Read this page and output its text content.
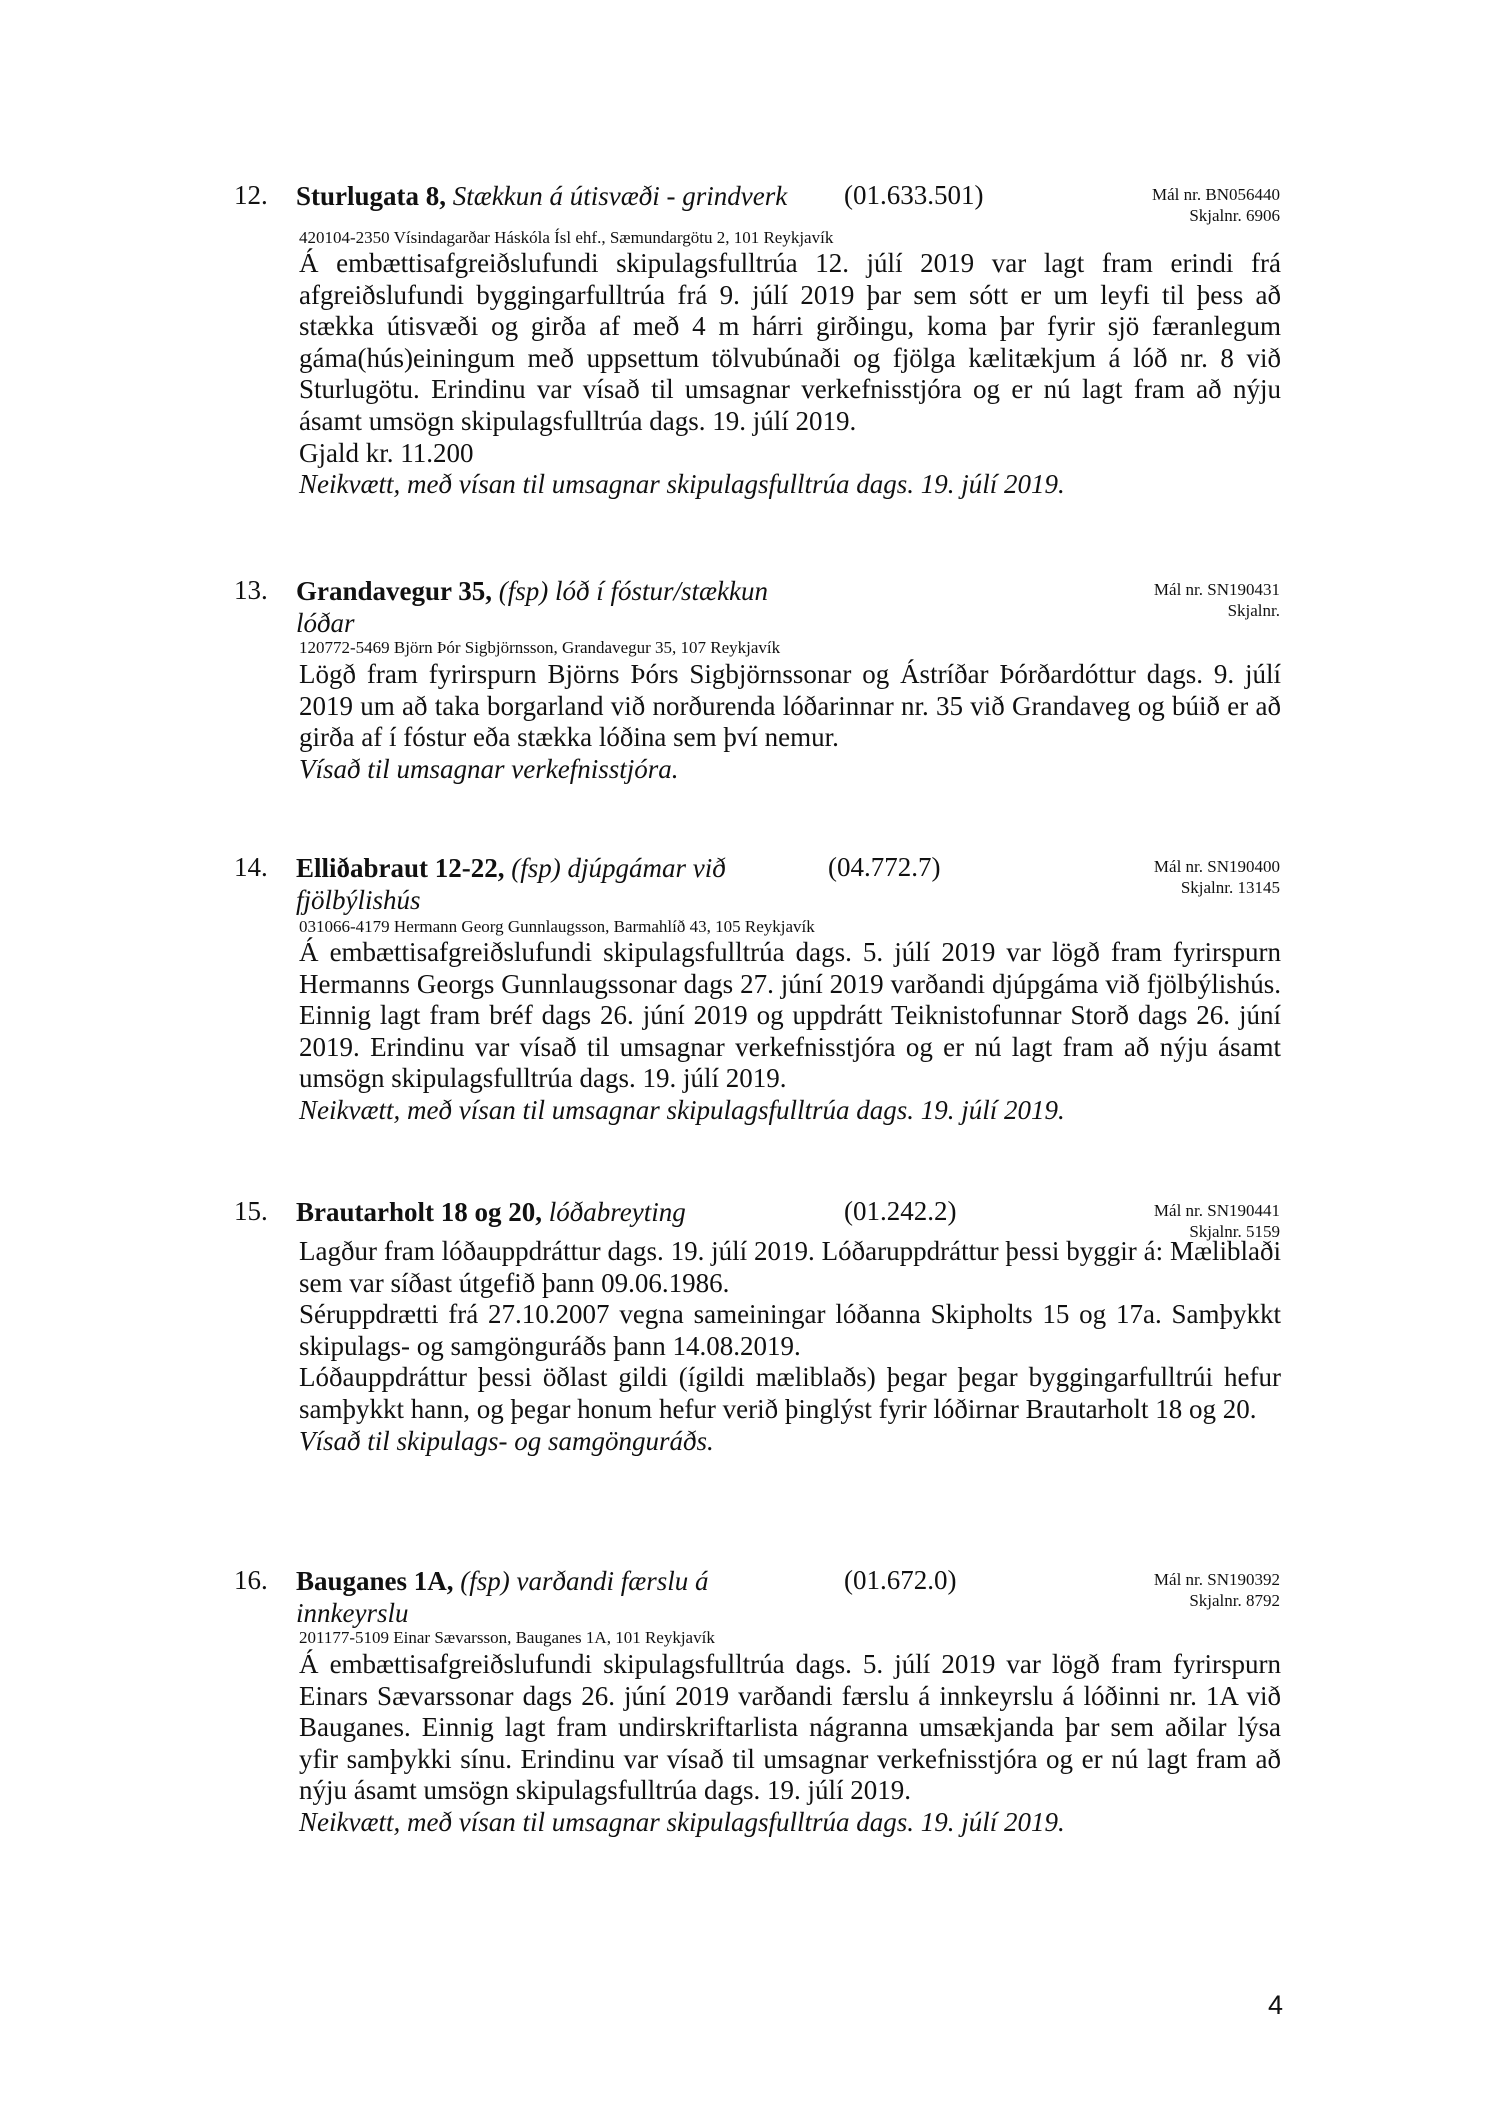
12. Sturlugata 8, Stækkun á útisvæði - grindverk (01.633.501)	Mál nr. BN056440
Skjalnr. 6906
420104-2350 Vísindagarðar Háskóla Ísl ehf., Sæmundargötu 2, 101 Reykjavík

Á embættisafgreiðslufundi skipulagsfulltrúa 12. júlí 2019 var lagt fram erindi frá afgreiðslufundi byggingarfulltrúa frá 9. júlí 2019 þar sem sótt er um leyfi til þess að stækka útisvæði og girða af með 4 m hárri girðingu, koma þar fyrir sjö færanlegum gáma(hús)einingum með uppsettum tölvubúnaði og fjölga kælitækjum á lóð nr. 8 við Sturlugötu. Erindinu var vísað til umsagnar verkefnisstjóra og er nú lagt fram að nýju ásamt umsögn skipulagsfulltrúa dags. 19. júlí 2019.

Gjald kr. 11.200

Neikvætt, með vísan til umsagnar skipulagsfulltrúa dags. 19. júlí 2019.

13. Grandavegur 35, (fsp) lóð í fóstur/stækkun
lóðar
Mál nr. SN190431
Skjalnr.
120772-5469 Björn Þór Sigbjörnsson, Grandavegur 35, 107 Reykjavík

Lögð fram fyrirspurn Björns Þórs Sigbjörnssonar og Ástríðar Þórðardóttur dags. 9. júlí 2019 um að taka borgarland við norðurenda lóðarinnar nr. 35 við Grandaveg og búið er að girða af í fóstur eða stækka lóðina sem því nemur.

Vísað til umsagnar verkefnisstjóra.

14. Elliðabraut 12-22, (fsp) djúpgámar við
fjölbýlishús
(04.772.7)	Mál nr. SN190400
Skjalnr. 13145
031066-4179 Hermann Georg Gunnlaugsson, Barmahlíð 43, 105 Reykjavík

Á embættisafgreiðslufundi skipulagsfulltrúa dags. 5. júlí 2019 var lögð fram fyrirspurn Hermanns Georgs Gunnlaugssonar dags 27. júní 2019 varðandi djúpgáma við fjölbýlishús. Einnig lagt fram bréf dags 26. júní 2019 og uppdrátt Teiknistofunnar Storð dags 26. júní 2019. Erindinu var vísað til umsagnar verkefnisstjóra og er nú lagt fram að nýju ásamt umsögn skipulagsfulltrúa dags. 19. júlí 2019.

Neikvætt, með vísan til umsagnar skipulagsfulltrúa dags. 19. júlí 2019.

15. Brautarholt 18 og 20, lóðabreyting	(01.242.2)	Mál nr. SN190441
Skjalnr. 5159

Lagður fram lóðauppdráttur dags. 19. júlí 2019. Lóðaruppdráttur þessi byggir á: Mæliblaði sem var síðast útgefið þann 09.06.1986.

Séruppdrætti frá 27.10.2007 vegna sameiningar lóðanna Skipholts 15 og 17a. Samþykkt skipulags- og samgönguráðs þann 14.08.2019.

Lóðauppdráttur þessi öðlast gildi (ígildi mæliblaðs) þegar þegar byggingarfulltrúi hefur samþykkt hann, og þegar honum hefur verið þinglýst fyrir lóðirnar Brautarholt 18 og 20.

Vísað til skipulags- og samgönguráðs.

16. Bauganes 1A, (fsp) varðandi færslu á
innkeyrslu
(01.672.0)	Mál nr. SN190392
Skjalnr. 8792
201177-5109 Einar Sævarsson, Bauganes 1A, 101 Reykjavík

Á embættisafgreiðslufundi skipulagsfulltrúa dags. 5. júlí 2019 var lögð fram fyrirspurn Einars Sævarssonar dags 26. júní 2019 varðandi færslu á innkeyrslu á lóðinni nr. 1A við Bauganes. Einnig lagt fram undirskriftarlista nágranna umsækjanda þar sem aðilar lýsa yfir samþykki sínu. Erindinu var vísað til umsagnar verkefnisstjóra og er nú lagt fram að nýju ásamt umsögn skipulagsfulltrúa dags. 19. júlí 2019.

Neikvætt, með vísan til umsagnar skipulagsfulltrúa dags. 19. júlí 2019.

4
